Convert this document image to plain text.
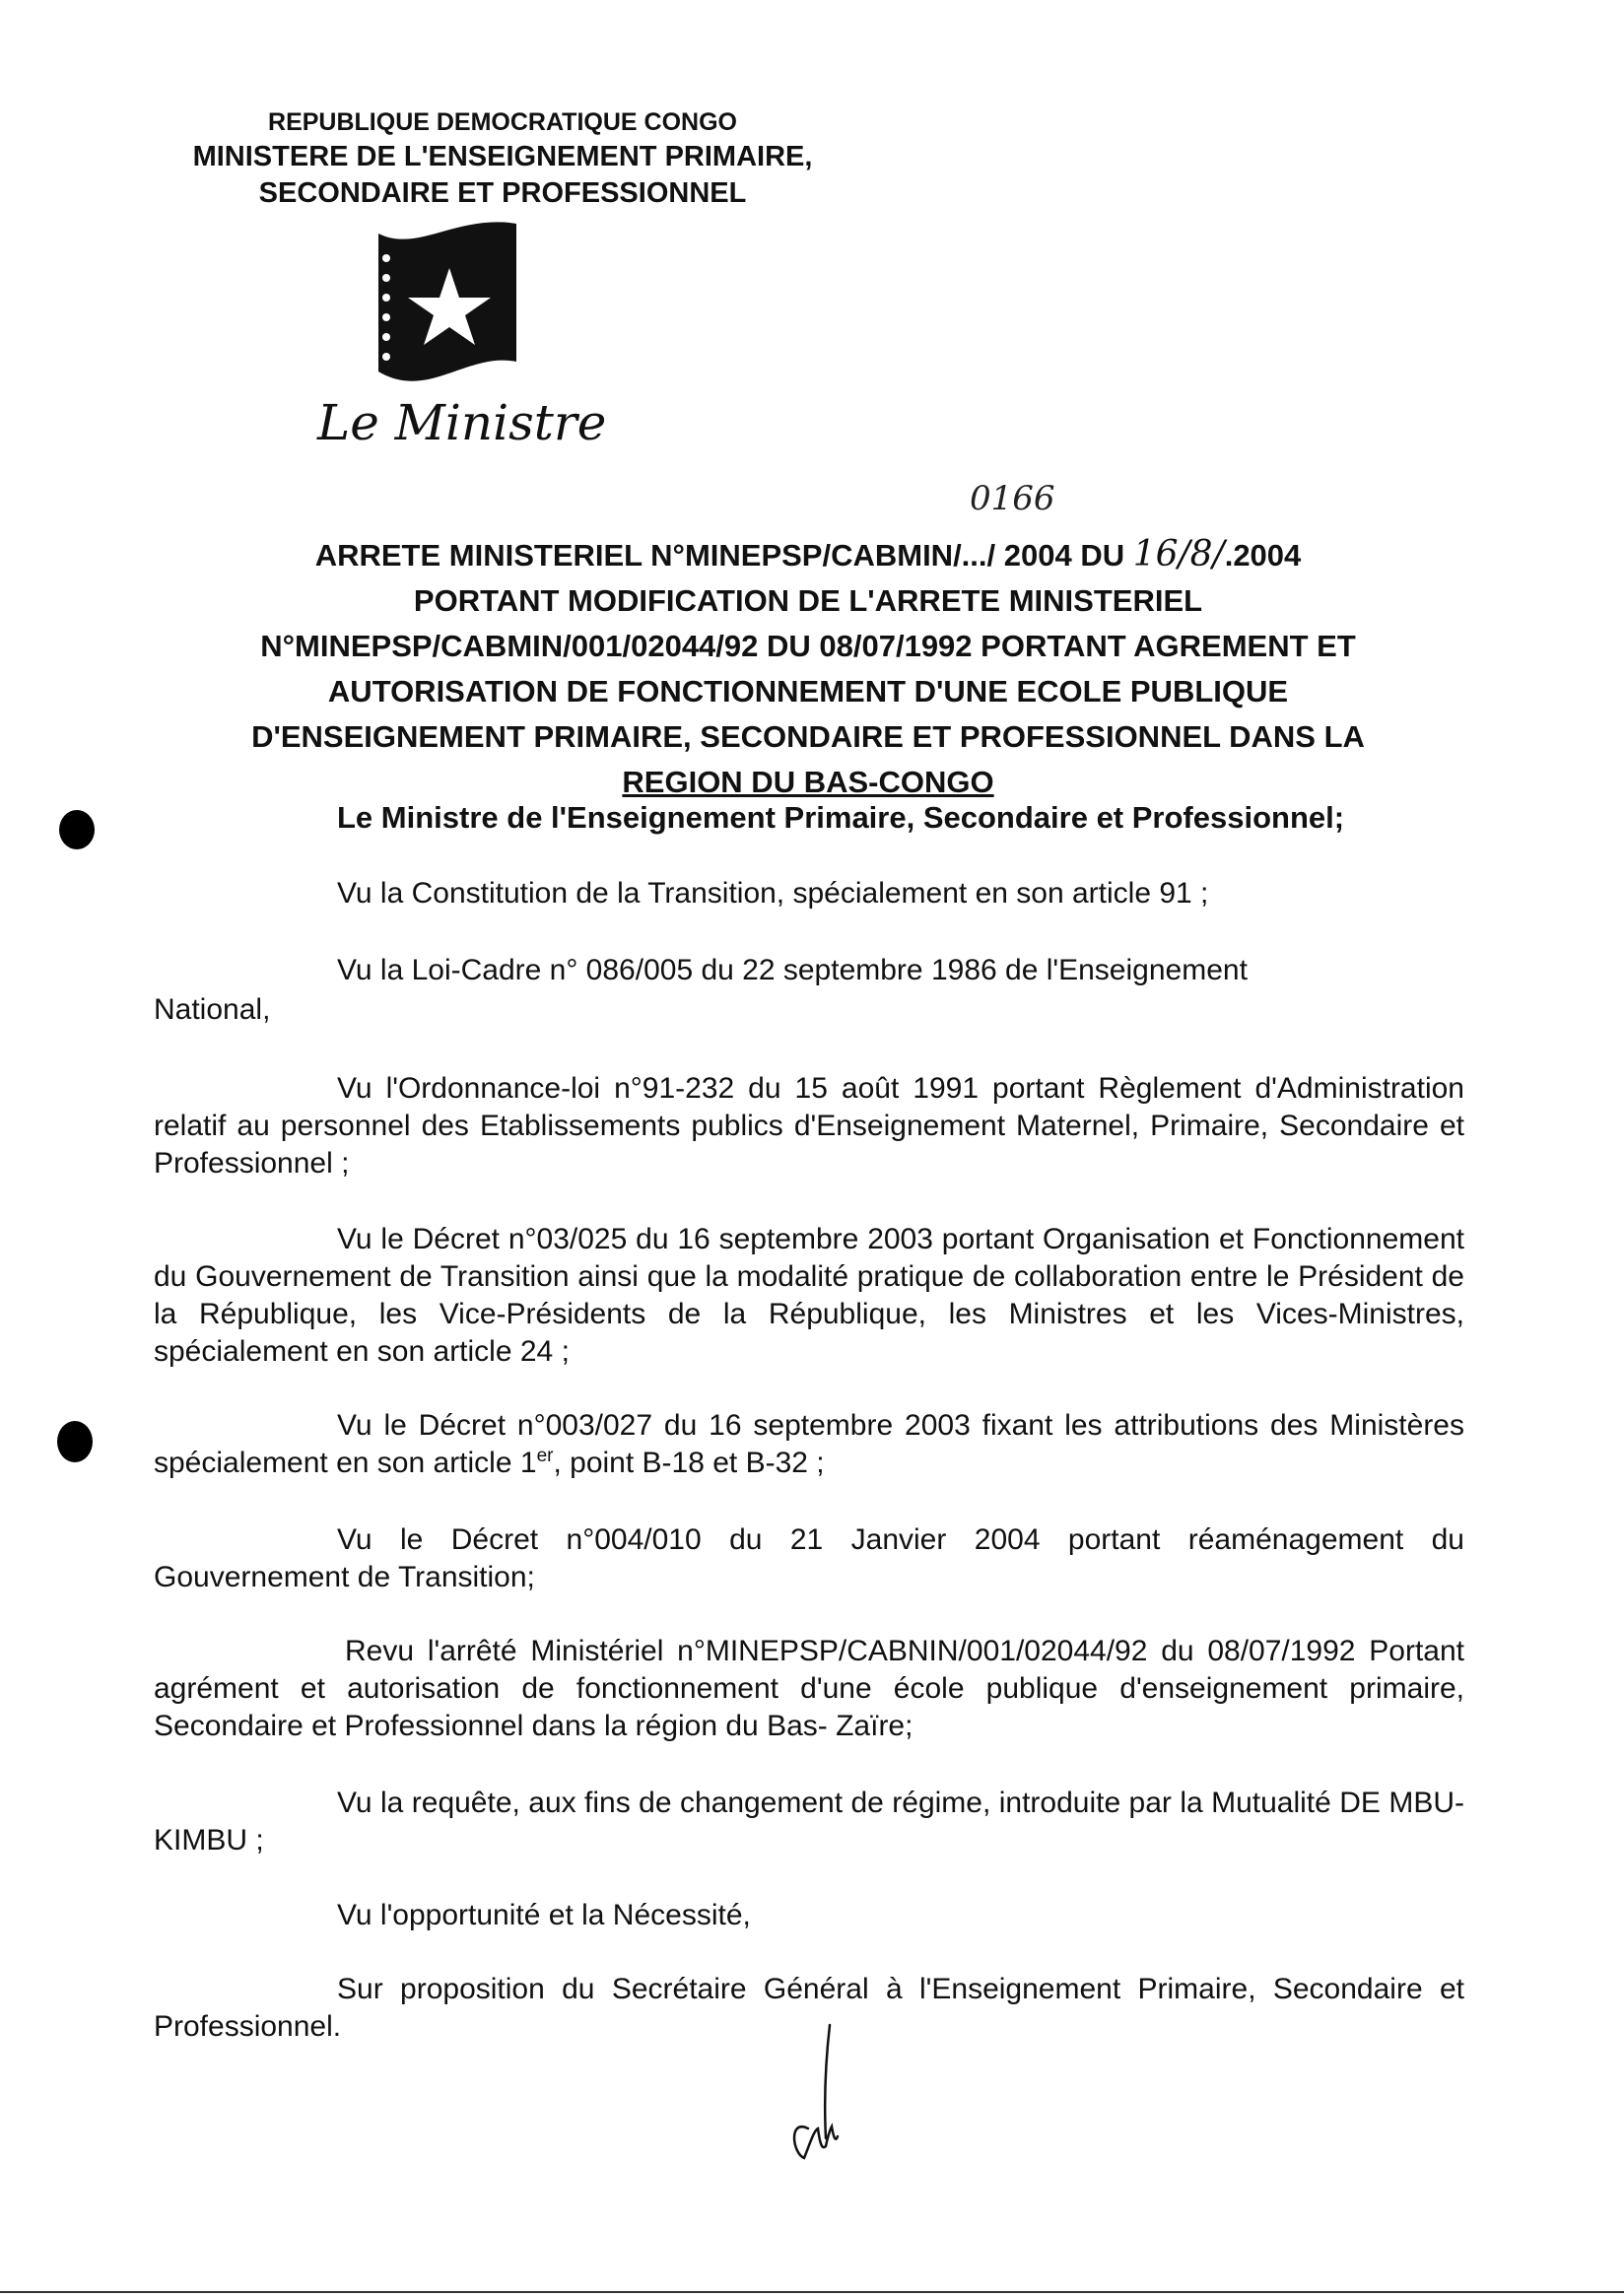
REPUBLIQUE DEMOCRATIQUE CONGO
MINISTERE DE L'ENSEIGNEMENT PRIMAIRE,
SECONDAIRE ET PROFESSIONNEL
Le Ministre
0166
ARRETE MINISTERIEL N°MINEPSP/CABMIN/.../ 2004 DU 16/8/.2004
PORTANT MODIFICATION DE L'ARRETE MINISTERIEL
N°MINEPSP/CABMIN/001/02044/92 DU 08/07/1992 PORTANT AGREMENT ET
AUTORISATION DE FONCTIONNEMENT D'UNE ECOLE PUBLIQUE
D'ENSEIGNEMENT PRIMAIRE, SECONDAIRE ET PROFESSIONNEL DANS LA
REGION DU BAS-CONGO
Le Ministre de l'Enseignement Primaire, Secondaire et Professionnel;

Vu la Constitution de la Transition, spécialement en son article 91 ;

Vu la Loi-Cadre n° 086/005 du 22 septembre 1986 de l'Enseignement

National,

Vu l'Ordonnance-loi n°91-232 du 15 août 1991 portant Règlement d'Administration relatif au personnel des Etablissements publics d'Enseignement Maternel, Primaire, Secondaire et Professionnel ;

Vu le Décret n°03/025 du 16 septembre 2003 portant Organisation et Fonctionnement du Gouvernement de Transition ainsi que la modalité pratique de collaboration entre le Président de la République, les Vice-Présidents de la République, les Ministres et les Vices-Ministres, spécialement en son article 24 ;

Vu le Décret n°003/027 du 16 septembre 2003 fixant les attributions des Ministères spécialement en son article 1er, point B-18 et B-32 ;

Vu le Décret n°004/010 du 21 Janvier 2004 portant réaménagement du Gouvernement de Transition;

Revu l'arrêté Ministériel n°MINEPSP/CABNIN/001/02044/92 du 08/07/1992 Portant agrément et autorisation de fonctionnement d'une école publique d'enseignement primaire, Secondaire et Professionnel dans la région du Bas- Zaïre;

Vu la requête, aux fins de changement de régime, introduite par la Mutualité DE MBU-KIMBU ;

Vu l'opportunité et la Nécessité,

Sur proposition du Secrétaire Général à l'Enseignement Primaire, Secondaire et Professionnel.
